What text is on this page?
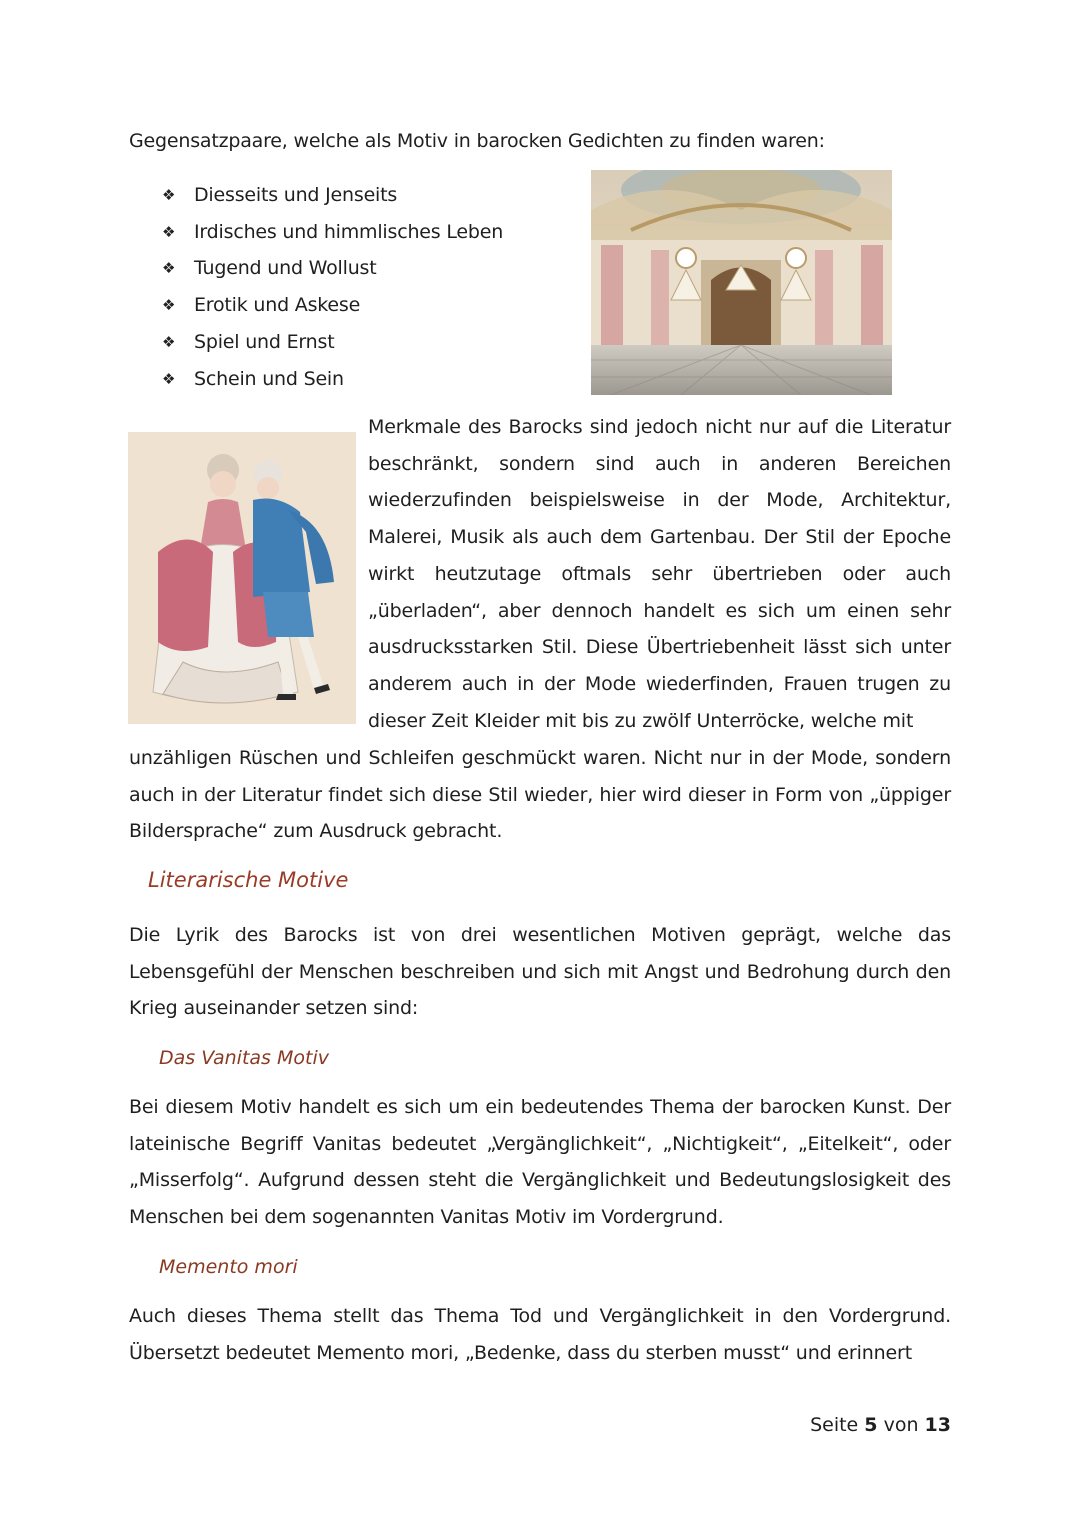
Gegensatzpaare, welche als Motiv in barocken Gedichten zu finden waren:

❖ Diesseits und Jenseits
❖ Irdisches und himmlisches Leben
❖ Tugend und Wollust
❖ Erotik und Askese
❖ Spiel und Ernst
❖ Schein und Sein

Merkmale des Barocks sind jedoch nicht nur auf die Literatur beschränkt, sondern sind auch in anderen Bereichen wiederzufinden beispielsweise in der Mode, Architektur, Malerei, Musik als auch dem Gartenbau. Der Stil der Epoche wirkt heutzutage oftmals sehr übertrieben oder auch „überladen“, aber dennoch handelt es sich um einen sehr ausdrucksstarken Stil. Diese Übertriebenheit lässt sich unter anderem auch in der Mode wiederfinden, Frauen trugen zu dieser Zeit Kleider mit bis zu zwölf Unterröcke, welche mit

unzähligen Rüschen und Schleifen geschmückt waren. Nicht nur in der Mode, sondern auch in der Literatur findet sich diese Stil wieder, hier wird dieser in Form von „üppiger Bildersprache“ zum Ausdruck gebracht.

Literarische Motive

Die Lyrik des Barocks ist von drei wesentlichen Motiven geprägt, welche das Lebensgefühl der Menschen beschreiben und sich mit Angst und Bedrohung durch den Krieg auseinander setzen sind:

Das Vanitas Motiv

Bei diesem Motiv handelt es sich um ein bedeutendes Thema der barocken Kunst. Der lateinische Begriff Vanitas bedeutet „Vergänglichkeit“, „Nichtigkeit“, „Eitelkeit“, oder „Misserfolg“. Aufgrund dessen steht die Vergänglichkeit und Bedeutungslosigkeit des Menschen bei dem sogenannten Vanitas Motiv im Vordergrund.

Memento mori

Auch dieses Thema stellt das Thema Tod und Vergänglichkeit in den Vordergrund. Übersetzt bedeutet Memento mori, „Bedenke, dass du sterben musst“ und erinnert

Seite 5 von 13
